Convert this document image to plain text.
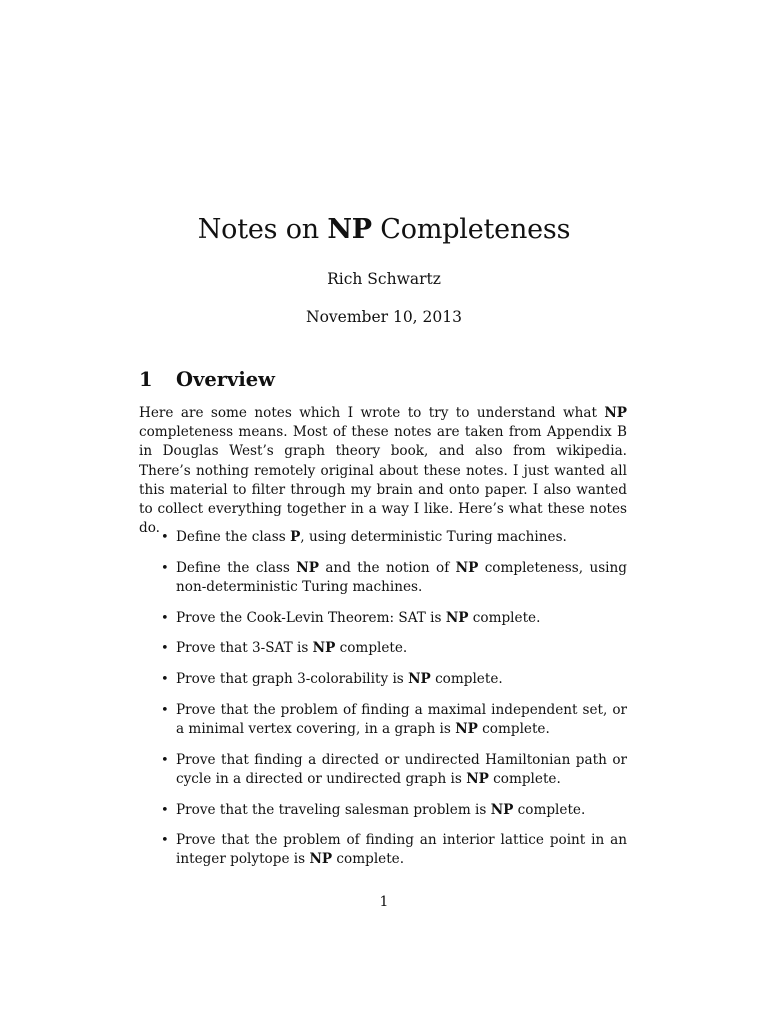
Notes on NP Completeness
Rich Schwartz
November 10, 2013
1 Overview
Here are some notes which I wrote to try to understand what NP completeness means. Most of these notes are taken from Appendix B in Douglas West’s graph theory book, and also from wikipedia. There’s nothing remotely original about these notes. I just wanted all this material to filter through my brain and onto paper. I also wanted to collect everything together in a way I like. Here’s what these notes do.
• Define the class P, using deterministic Turing machines.
• Define the class NP and the notion of NP completeness, using non-deterministic Turing machines.
• Prove the Cook-Levin Theorem: SAT is NP complete.
• Prove that 3-SAT is NP complete.
• Prove that graph 3-colorability is NP complete.
• Prove that the problem of finding a maximal independent set, or a minimal vertex covering, in a graph is NP complete.
• Prove that finding a directed or undirected Hamiltonian path or cycle in a directed or undirected graph is NP complete.
• Prove that the traveling salesman problem is NP complete.
• Prove that the problem of finding an interior lattice point in an integer polytope is NP complete.
1
